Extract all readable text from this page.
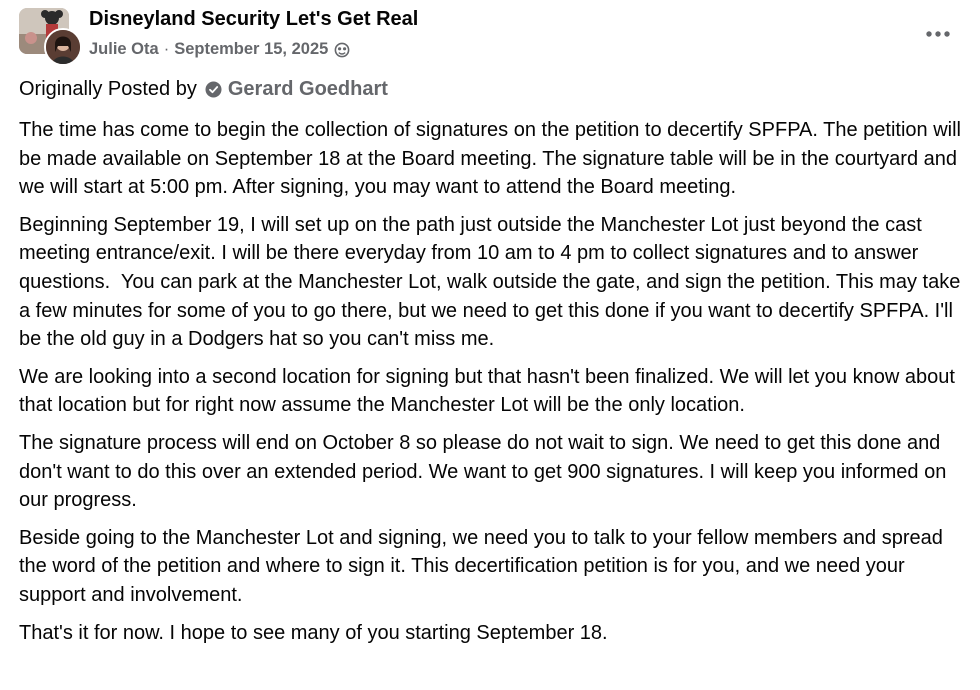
Disneyland Security Let's Get Real
Julie Ota · September 15, 2025
Originally Posted by Gerard Goedhart

The time has come to begin the collection of signatures on the petition to decertify SPFPA. The petition will be made available on September 18 at the Board meeting. The signature table will be in the courtyard and we will start at 5:00 pm. After signing, you may want to attend the Board meeting.

Beginning September 19, I will set up on the path just outside the Manchester Lot just beyond the cast meeting entrance/exit. I will be there everyday from 10 am to 4 pm to collect signatures and to answer questions.  You can park at the Manchester Lot, walk outside the gate, and sign the petition. This may take a few minutes for some of you to go there, but we need to get this done if you want to decertify SPFPA. I'll be the old guy in a Dodgers hat so you can't miss me.

We are looking into a second location for signing but that hasn't been finalized. We will let you know about that location but for right now assume the Manchester Lot will be the only location.

The signature process will end on October 8 so please do not wait to sign. We need to get this done and don't want to do this over an extended period. We want to get 900 signatures. I will keep you informed on our progress.

Beside going to the Manchester Lot and signing, we need you to talk to your fellow members and spread the word of the petition and where to sign it. This decertification petition is for you, and we need your support and involvement.

That's it for now. I hope to see many of you starting September 18.
